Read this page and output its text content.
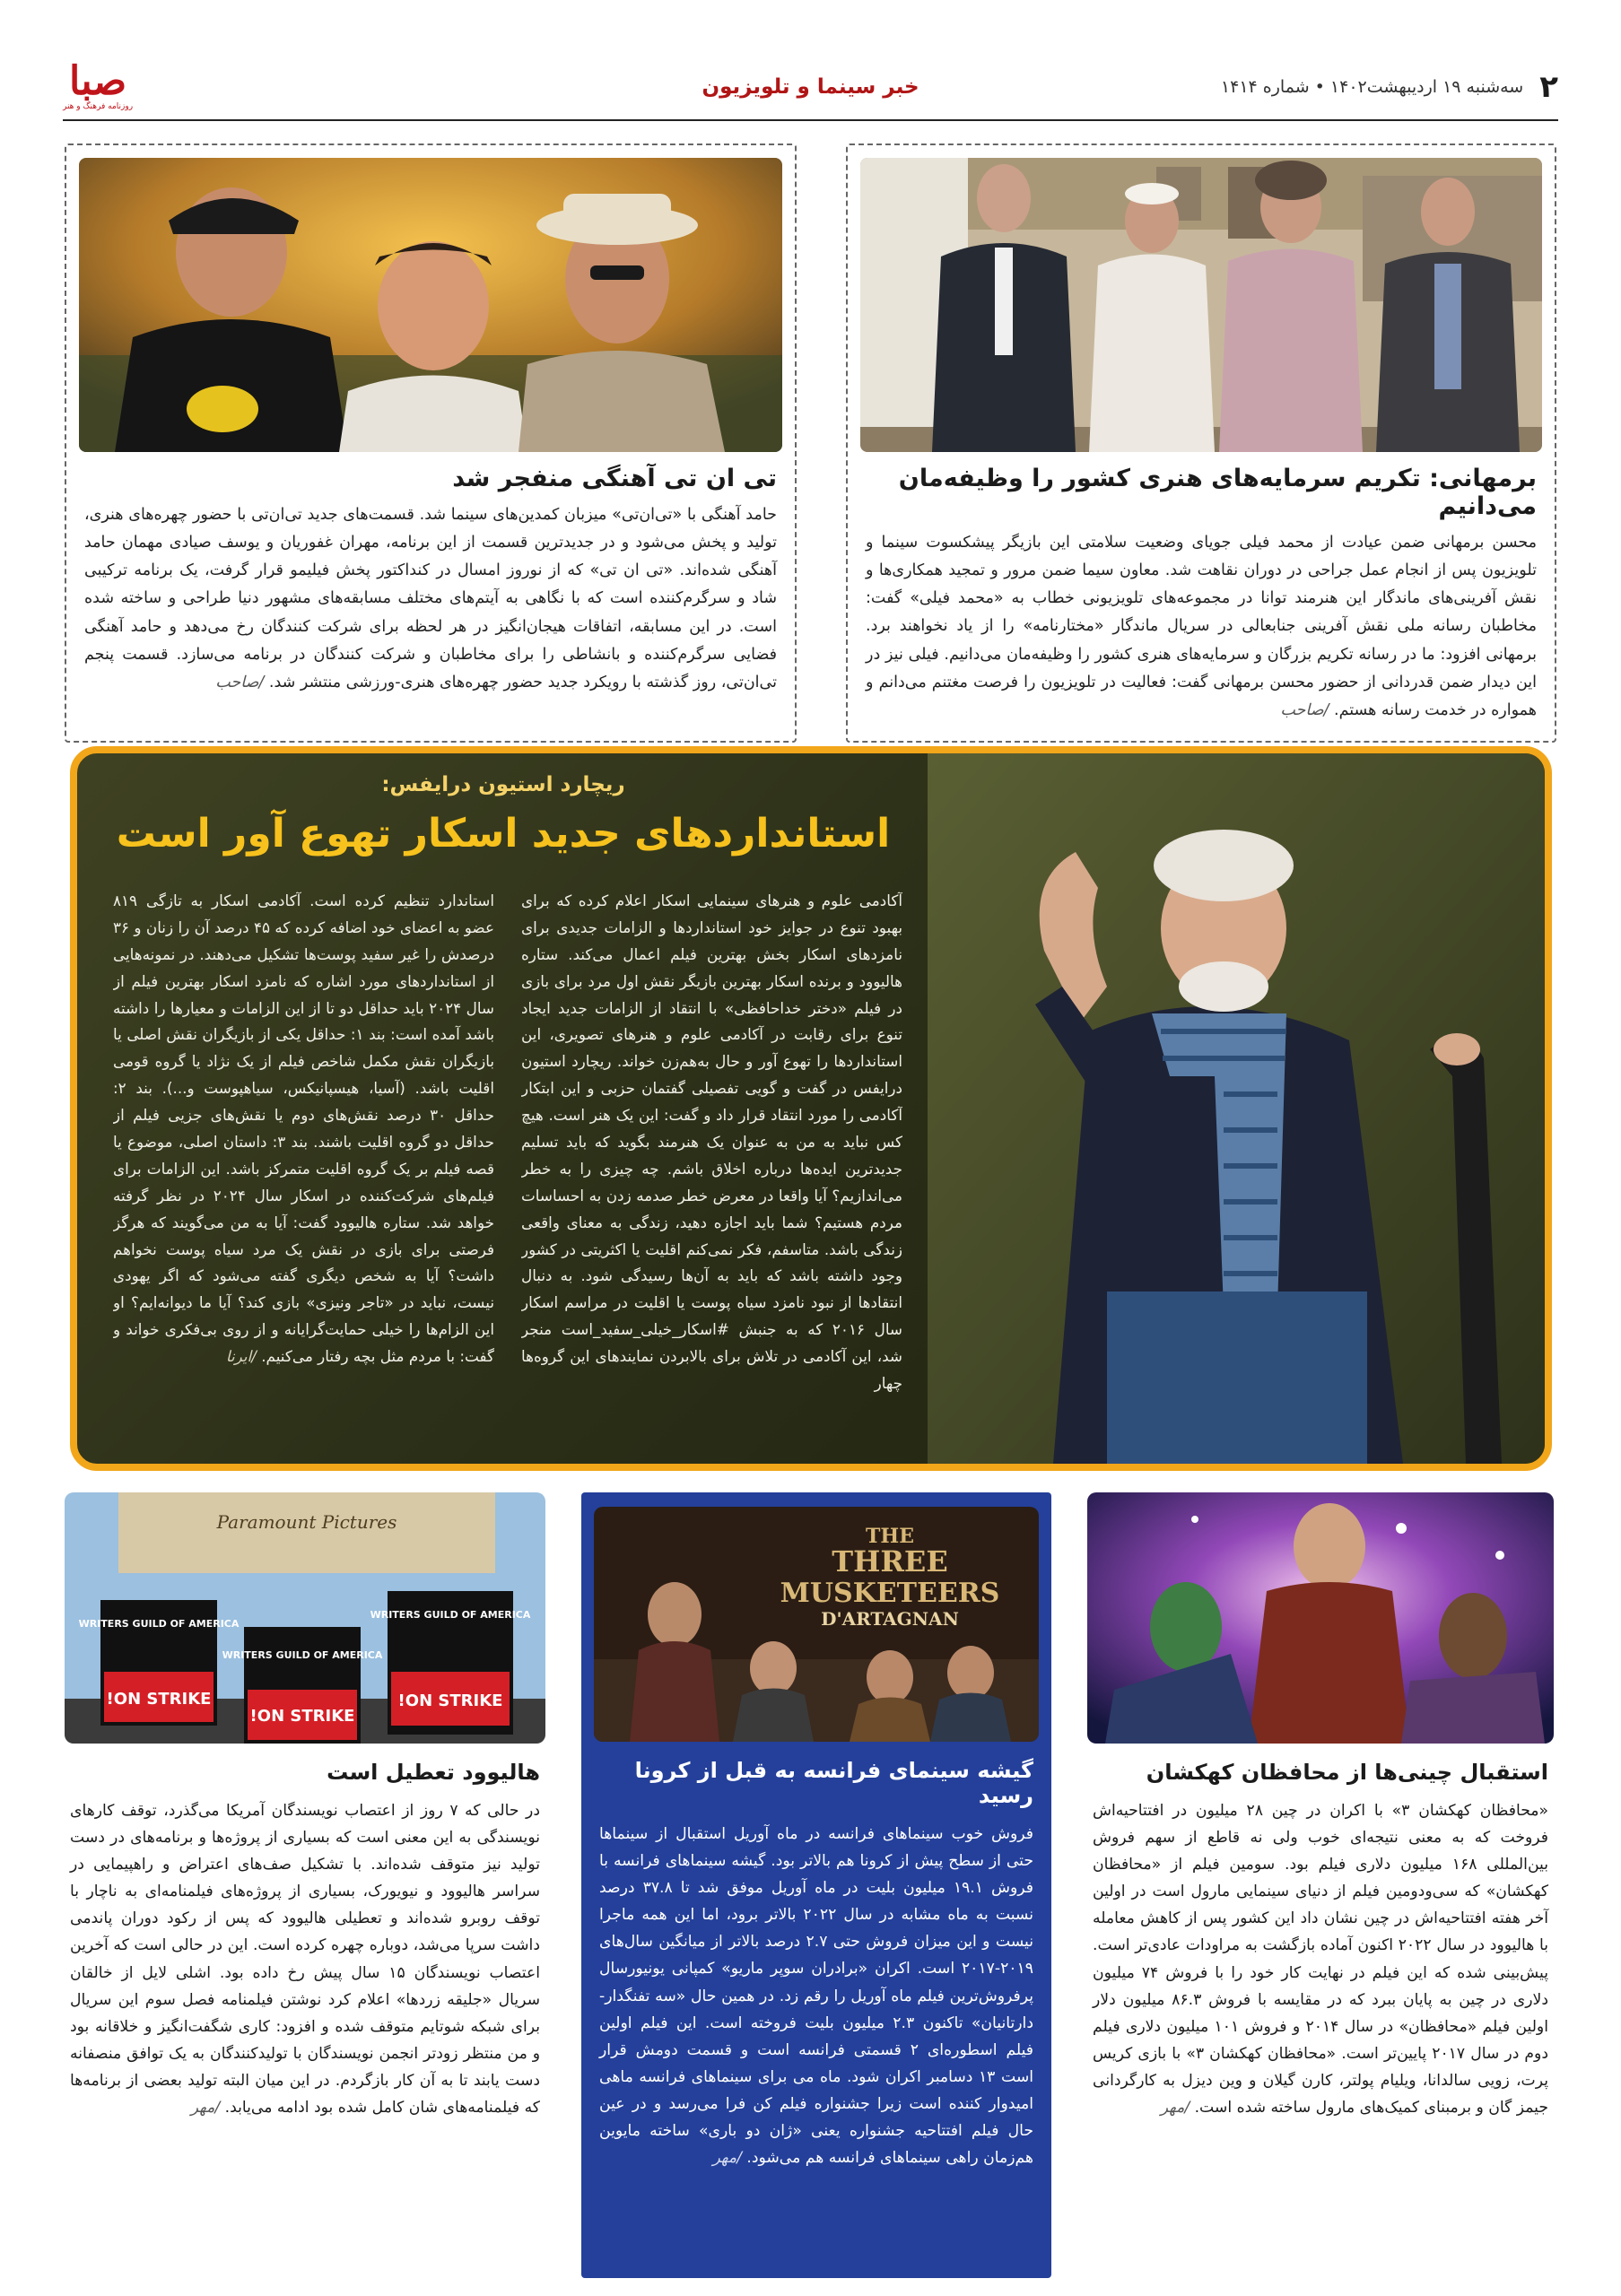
۲
سه‌شنبه ۱۹ اردیبهشت۱۴۰۲ • شماره ۱۴۱۴
خبر سینما و تلویزیون
صبا
روزنامه فرهنگ و هنر
برمهانی: تکریم سرمایه‌های هنری کشور را وظیفه‌مان می‌دانیم

محسن برمهانی ضمن عیادت از محمد فیلی جویای وضعیت سلامتی این بازیگر پیشکسوت سینما و تلویزیون پس از انجام عمل جراحی در دوران نقاهت شد. معاون سیما ضمن مرور و تمجید همکاری‌ها و نقش آفرینی‌های ماندگار این هنرمند توانا در مجموعه‌های تلویزیونی خطاب به «محمد فیلی» گفت: مخاطبان رسانه ملی نقش آفرینی جنابعالی در سریال ماندگار «مختارنامه» را از یاد نخواهند برد. برمهانی افزود: ما در رسانه تکریم بزرگان و سرمایه‌های هنری کشور را وظیفه‌مان می‌دانیم. فیلی نیز در این دیدار ضمن قدردانی از حضور محسن برمهانی گفت: فعالیت در تلویزیون را فرصت مغتنم می‌دانم و همواره در خدمت رسانه هستم. /صاحب

تی ان تی آهنگی منفجر شد

حامد آهنگی با «تی‌ان‌تی» میزبان کمدین‌های سینما شد. قسمت‌های جدید تی‌ان‌تی با حضور چهره‌های هنری، تولید و پخش می‌شود و در جدیدترین قسمت از این برنامه، مهران غفوریان و یوسف صیادی مهمان حامد آهنگی شده‌اند. «تی ان تی» که از نوروز امسال در کنداکتور پخش فیلیمو قرار گرفت، یک برنامه ترکیبی شاد و سرگرم‌کننده است که با نگاهی به آیتم‌های مختلف مسابقه‌های مشهور دنیا طراحی و ساخته شده است. در این مسابقه، اتفاقات هیجان‌انگیز در هر لحظه برای شرکت کنندگان رخ می‌دهد و حامد آهنگی فضایی سرگرم‌کننده و بانشاطی را برای مخاطبان و شرکت کنندگان در برنامه می‌سازد. قسمت پنجم تی‌ان‌تی، روز گذشته با رویکرد جدید حضور چهره‌های هنری-ورزشی منتشر شد. /صاحب

ریچارد استیون درایفس:
استانداردهای جدید اسکار تهوع آور است

آکادمی علوم و هنرهای سینمایی اسکار اعلام کرده که برای بهبود تنوع در جوایز خود استانداردها و الزامات جدیدی برای نامزدهای اسکار بخش بهترین فیلم اعمال می‌کند. ستاره هالیوود و برنده اسکار بهترین بازیگر نقش اول مرد برای بازی در فیلم «دختر خداحافظی» با انتقاد از الزامات جدید ایجاد تنوع برای رقابت در آکادمی علوم و هنرهای تصویری، این استانداردها را تهوع آور و حال به‌هم‌زن خواند. ریچارد استیون درایفس در گفت و گویی تفصیلی گفتمان حزبی و این ابتکار آکادمی را مورد انتقاد قرار داد و گفت: این یک هنر است. هیچ کس نباید به من به عنوان یک هنرمند بگوید که باید تسلیم جدیدترین ایده‌ها درباره اخلاق باشم. چه چیزی را به خطر می‌اندازیم؟ آیا واقعا در معرض خطر صدمه زدن به احساسات مردم هستیم؟ شما باید اجازه دهید، زندگی به معنای واقعی زندگی باشد. متاسفم، فکر نمی‌کنم اقلیت یا اکثریتی در کشور وجود داشته باشد که باید به آن‌ها رسیدگی شود. به دنبال انتقادها از نبود نامزد سیاه پوست یا اقلیت در مراسم اسکار سال ۲۰۱۶ که به جنبش #اسکار_خیلی_سفید_است منجر شد، این آکادمی در تلاش برای بالابردن نمایندهای این گروه‌ها چهار

استاندارد تنظیم کرده است. آکادمی اسکار به تازگی ۸۱۹ عضو به اعضای خود اضافه کرده که ۴۵ درصد آن را زنان و ۳۶ درصدش را غیر سفید پوست‌ها تشکیل می‌دهند. در نمونه‌هایی از استانداردهای مورد اشاره که نامزد اسکار بهترین فیلم از سال ۲۰۲۴ باید حداقل دو تا از این الزامات و معیارها را داشته باشد آمده است: بند ۱: حداقل یکی از بازیگران نقش اصلی یا بازیگران نقش مکمل شاخص فیلم از یک نژاد یا گروه قومی اقلیت باشد. (آسیا، هیسپانیکس، سیاهپوست و...). بند ۲: حداقل ۳۰ درصد نقش‌های دوم یا نقش‌های جزیی فیلم از حداقل دو گروه اقلیت باشند. بند ۳: داستان اصلی، موضوع یا قصه فیلم بر یک گروه اقلیت متمرکز باشد. این الزامات برای فیلم‌های شرکت‌کننده در اسکار سال ۲۰۲۴ در نظر گرفته خواهد شد. ستاره هالیوود گفت: آیا به من می‌گویند که هرگز فرصتی برای بازی در نقش یک مرد سیاه پوست نخواهم داشت؟ آیا به شخص دیگری گفته می‌شود که اگر یهودی نیست، نباید در «تاجر ونیزی» بازی کند؟ آیا ما دیوانه‌ایم؟ او این الزام‌ها را خیلی حمایت‌گرایانه و از روی بی‌فکری خواند و گفت: با مردم مثل بچه رفتار می‌کنیم. /ایرنا

استقبال چینی‌ها از محافظان کهکشان

«محافظان کهکشان ۳» با اکران در چین ۲۸ میلیون در افتتاحیه‌اش فروخت که به معنی نتیجه‌ای خوب ولی نه قاطع از سهم فروش بین‌المللی ۱۶۸ میلیون دلاری فیلم بود. سومین فیلم از «محافظان کهکشان» که سی‌ودومین فیلم از دنیای سینمایی مارول است در اولین آخر هفته افتتاحیه‌اش در چین نشان داد این کشور پس از کاهش معامله با هالیوود در سال ۲۰۲۲ اکنون آماده بازگشت به مراودات عادی‌تر است. پیش‌بینی شده که این فیلم در نهایت کار خود را با فروش ۷۴ میلیون دلاری در چین به پایان ببرد که در مقایسه با فروش ۸۶.۳ میلیون دلار اولین فیلم «محافظان» در سال ۲۰۱۴ و فروش ۱۰۱ میلیون دلاری فیلم دوم در سال ۲۰۱۷ پایین‌تر است. «محافظان کهکشان ۳» با بازی کریس پرت، زویی سالدانا، ویلیام پولتر، کارن گیلان و وین دیزل به کارگردانی جیمز گان و برمبنای کمیک‌های مارول ساخته شده است. /مهر

THE
THREE
MUSKETEERS
D'ARTAGNAN
گیشه سینمای فرانسه به قبل از کرونا رسید

فروش خوب سینماهای فرانسه در ماه آوریل استقبال از سینماها حتی از سطح پیش از کرونا هم بالاتر بود. گیشه سینماهای فرانسه با فروش ۱۹.۱ میلیون بلیت در ماه آوریل موفق شد تا ۳۷.۸ درصد نسبت به ماه مشابه در سال ۲۰۲۲ بالاتر برود، اما این همه ماجرا نیست و این میزان فروش حتی ۲.۷ درصد بالاتر از میانگین سال‌های ۲۰۱۹-۲۰۱۷ است. اکران «برادران سوپر ماریو» کمپانی یونیورسال پرفروش‌ترین فیلم ماه آوریل را رقم زد. در همین حال «سه تفنگدار-دارتانیان» تاکنون ۲.۳ میلیون بلیت فروخته است. این فیلم اولین فیلم اسطوره‌ای ۲ قسمتی فرانسه است و قسمت دومش قرار است ۱۳ دسامبر اکران شود. ماه می برای سینماهای فرانسه ماهی امیدوار کننده است زیرا جشنواره فیلم کن فرا می‌رسد و در عین حال فیلم افتتاحیه جشنواره یعنی «ژان دو باری» ساخته مایوین هم‌زمان راهی سینماهای فرانسه هم می‌شود. /مهر

Paramount Pictures
WRITERS GUILD OF AMERICA
ON STRIKE!
WRITERS GUILD OF AMERICA
ON STRIKE!
WRITERS GUILD OF AMERICA
ON STRIKE!
هالیوود تعطیل است

در حالی که ۷ روز از اعتصاب نویسندگان آمریکا می‌گذرد، توقف کارهای نویسندگی به این معنی است که بسیاری از پروژه‌ها و برنامه‌های در دست تولید نیز متوقف شده‌اند. با تشکیل صف‌های اعتراض و راهپیمایی در سراسر هالیوود و نیویورک، بسیاری از پروژه‌های فیلمنامه‌ای به ناچار با توقف روبرو شده‌اند و تعطیلی هالیوود که پس از رکود دوران پاندمی داشت سرپا می‌شد، دوباره چهره کرده است. این در حالی است که آخرین اعتصاب نویسندگان ۱۵ سال پیش رخ داده بود. اشلی لایل از خالقان سریال «جلیقه زردها» اعلام کرد نوشتن فیلمنامه فصل سوم این سریال برای شبکه شوتایم متوقف شده و افزود: کاری شگفت‌انگیز و خلاقانه بود و من منتظر زودتر انجمن نویسندگان با تولیدکنندگان به یک توافق منصفانه دست یابند تا به آن کار بازگردم. در این میان البته تولید بعضی از برنامه‌ها که فیلمنامه‌های شان کامل شده بود ادامه می‌یابد. /مهر
